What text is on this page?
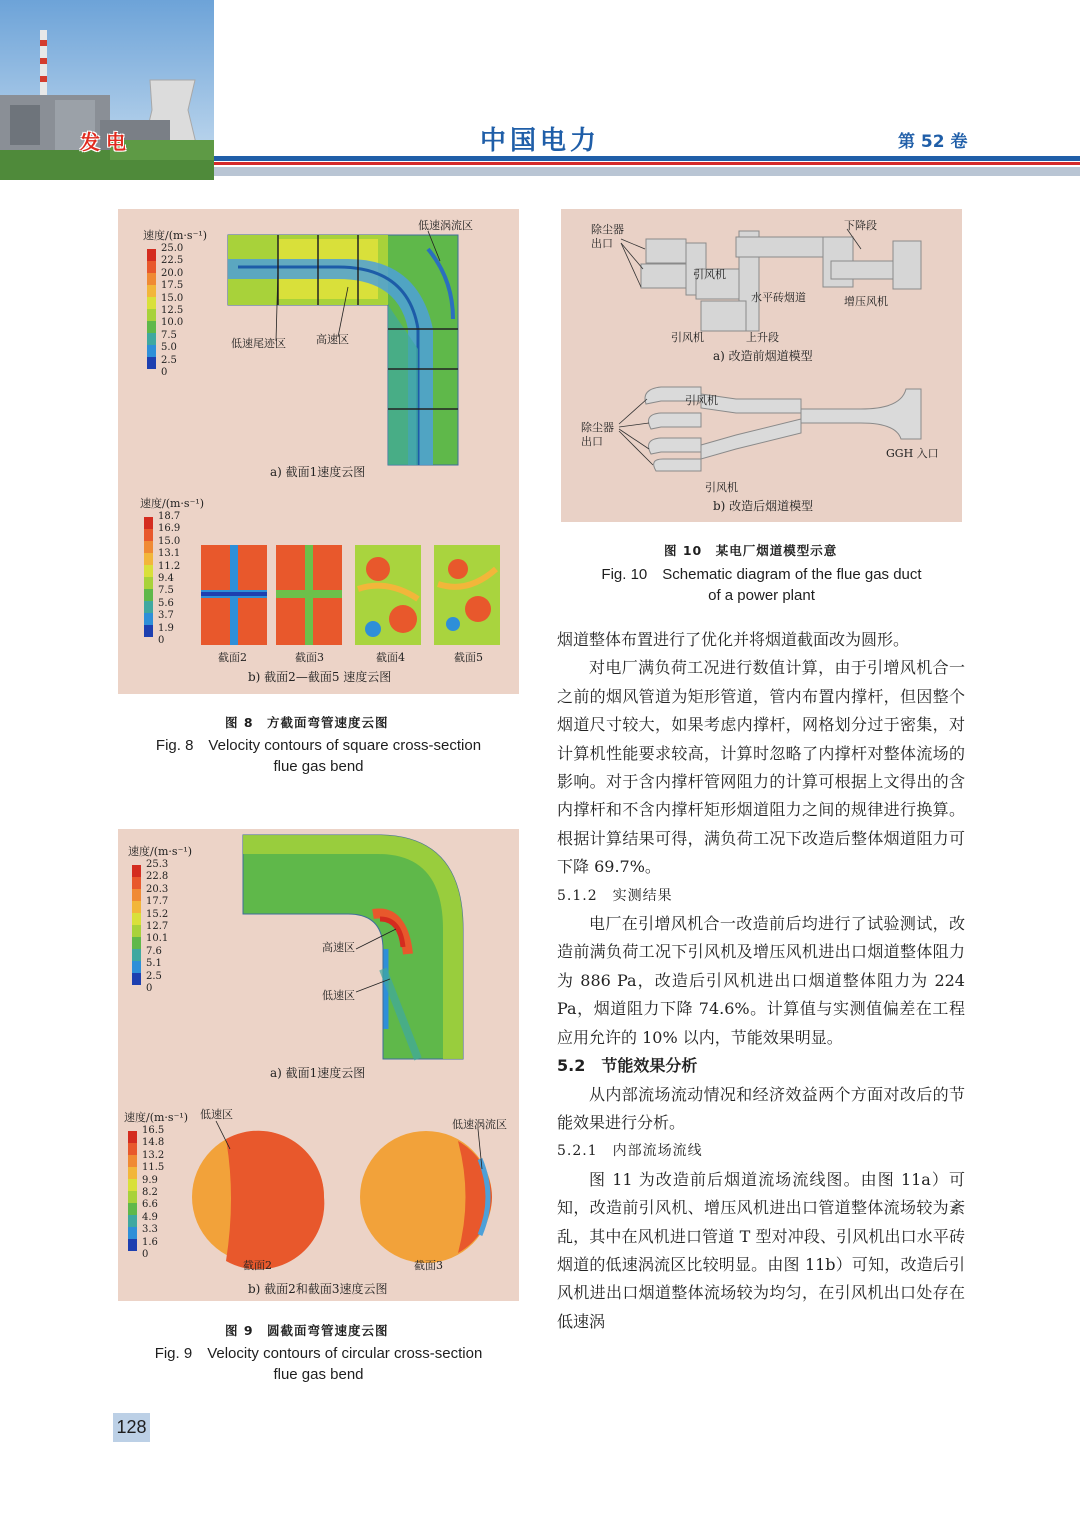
发电	中国电力	第 52 卷
速度/(m·s⁻¹)
25.0
22.5
20.0
17.5
15.0
12.5
10.0
7.5
5.0
2.5
0
低速涡流区
低速尾迹区	高速区
a) 截面1速度云图
速度/(m·s⁻¹)
18.7
16.9
15.0
13.1
11.2
9.4
7.5
5.6
3.7
1.9
0
截面2	截面3	截面4	截面5
b) 截面2—截面5 速度云图
图 8　方截面弯管速度云图
Fig. 8　Velocity contours of square cross-section
flue gas bend
速度/(m·s⁻¹)
25.3
22.8
20.3
17.7
15.2
12.7
10.1
7.6
5.1
2.5
0
高速区
低速区
a) 截面1速度云图
速度/(m·s⁻¹)
16.5
14.8
13.2
11.5
9.9
8.2
6.6
4.9
3.3
1.6
0
低速区
低速涡流区
截面2	截面3
b) 截面2和截面3速度云图
图 9　圆截面弯管速度云图
Fig. 9　Velocity contours of circular cross-section
flue gas bend
除尘器
出口
下降段
引风机
水平砖烟道	增压风机
引风机	上升段
a) 改造前烟道模型
引风机
除尘器
出口
GGH 入口
引风机
b) 改造后烟道模型
图 10　某电厂烟道模型示意
Fig. 10　Schematic diagram of the flue gas duct
of a power plant

烟道整体布置进行了优化并将烟道截面改为圆形。

对电厂满负荷工况进行数值计算，由于引增风机合一之前的烟风管道为矩形管道，管内布置内撑杆，但因整个烟道尺寸较大，如果考虑内撑杆，网格划分过于密集，对计算机性能要求较高，计算时忽略了内撑杆对整体流场的影响。对于含内撑杆管网阻力的计算可根据上文得出的含内撑杆和不含内撑杆矩形烟道阻力之间的规律进行换算。根据计算结果可得，满负荷工况下改造后整体烟道阻力可下降 69.7%。

5.1.2　实测结果

电厂在引增风机合一改造前后均进行了试验测试，改造前满负荷工况下引风机及增压风机进出口烟道整体阻力为 886 Pa，改造后引风机进出口烟道整体阻力为 224 Pa，烟道阻力下降 74.6%。计算值与实测值偏差在工程应用允许的 10% 以内，节能效果明显。

5.2　节能效果分析

从内部流场流动情况和经济效益两个方面对改后的节能效果进行分析。

5.2.1　内部流场流线

图 11 为改造前后烟道流场流线图。由图 11a）可知，改造前引风机、增压风机进出口管道整体流场较为紊乱，其中在风机进口管道 T 型对冲段、引风机出口水平砖烟道的低速涡流区比较明显。由图 11b）可知，改造后引风机进出口烟道整体流场较为均匀，在引风机出口处存在低速涡

128
